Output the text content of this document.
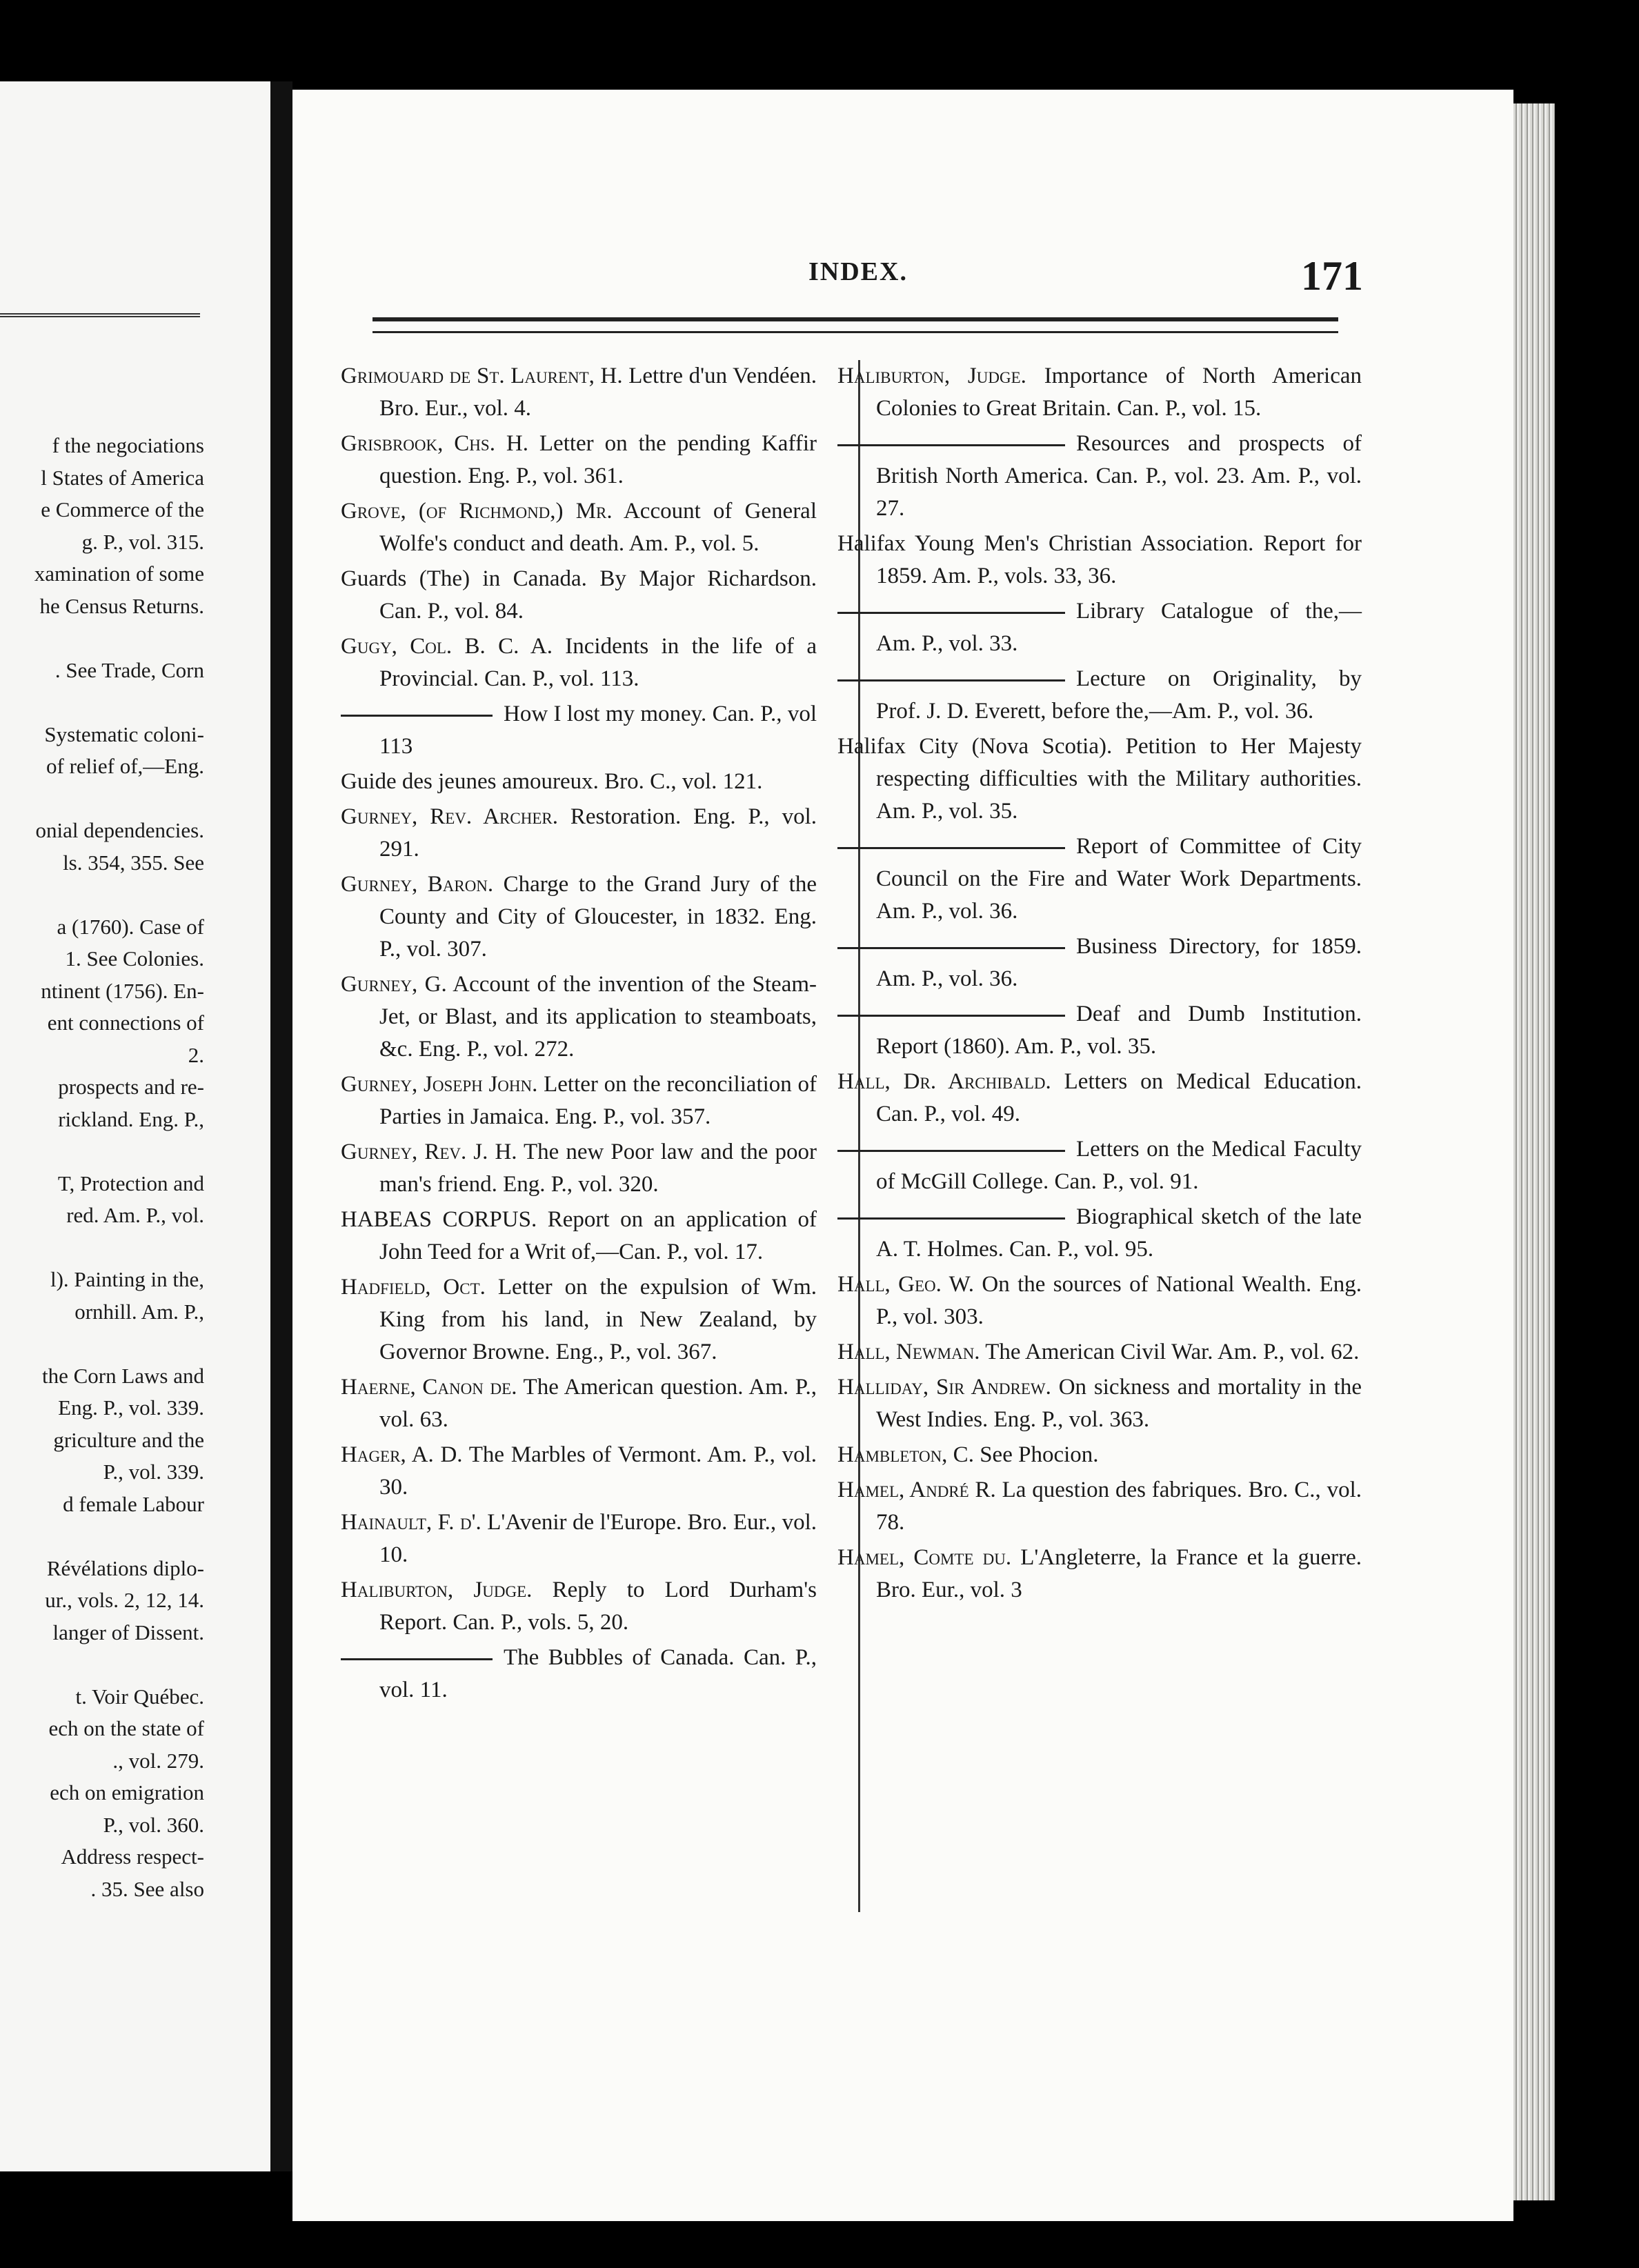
f the negociations
l States of America
e Commerce of the
g. P., vol. 315.
xamination of some
he Census Returns.
. See Trade, Corn
Systematic coloni-
of relief of,—Eng.
onial dependencies.
ls. 354, 355. See
a (1760). Case of
1. See Colonies.
ntinent (1756). En-
ent connections of
2.
prospects and re-
rickland. Eng. P.,
T, Protection and
red. Am. P., vol.
l). Painting in the,
ornhill. Am. P.,
the Corn Laws and
Eng. P., vol. 339.
griculture and the
P., vol. 339.
d female Labour
Révélations diplo-
ur., vols. 2, 12, 14.
langer of Dissent.
t. Voir Québec.
ech on the state of
., vol. 279.
ech on emigration
P., vol. 360.
Address respect-
. 35. See also
INDEX.	171
Grimouard de St. Laurent, H. Lettre d'un Vendéen. Bro. Eur., vol. 4.
Grisbrook, Chs. H. Letter on the pending Kaffir question. Eng. P., vol. 361.
Grove, (of Richmond,) Mr. Account of General Wolfe's conduct and death. Am. P., vol. 5.
Guards (The) in Canada. By Major Richardson. Can. P., vol. 84.
Gugy, Col. B. C. A. Incidents in the life of a Provincial. Can. P., vol. 113.
How I lost my money. Can. P., vol 113
Guide des jeunes amoureux. Bro. C., vol. 121.
Gurney, Rev. Archer. Restoration. Eng. P., vol. 291.
Gurney, Baron. Charge to the Grand Jury of the County and City of Gloucester, in 1832. Eng. P., vol. 307.
Gurney, G. Account of the invention of the Steam-Jet, or Blast, and its application to steamboats, &c. Eng. P., vol. 272.
Gurney, Joseph John. Letter on the reconciliation of Parties in Jamaica. Eng. P., vol. 357.
Gurney, Rev. J. H. The new Poor law and the poor man's friend. Eng. P., vol. 320.
HABEAS CORPUS. Report on an application of John Teed for a Writ of,—Can. P., vol. 17.
Hadfield, Oct. Letter on the expulsion of Wm. King from his land, in New Zealand, by Governor Browne. Eng., P., vol. 367.
Haerne, Canon de. The American question. Am. P., vol. 63.
Hager, A. D. The Marbles of Vermont. Am. P., vol. 30.
Hainault, F. d'. L'Avenir de l'Europe. Bro. Eur., vol. 10.
Haliburton, Judge. Reply to Lord Durham's Report. Can. P., vols. 5, 20.
The Bubbles of Canada. Can. P., vol. 11.
Haliburton, Judge. Importance of North American Colonies to Great Britain. Can. P., vol. 15.
Resources and prospects of British North America. Can. P., vol. 23. Am. P., vol. 27.
Halifax Young Men's Christian Association. Report for 1859. Am. P., vols. 33, 36.
Library Catalogue of the,—Am. P., vol. 33.
Lecture on Originality, by Prof. J. D. Everett, before the,—Am. P., vol. 36.
Halifax City (Nova Scotia). Petition to Her Majesty respecting difficulties with the Military authorities. Am. P., vol. 35.
Report of Committee of City Council on the Fire and Water Work Departments. Am. P., vol. 36.
Business Directory, for 1859. Am. P., vol. 36.
Deaf and Dumb Institution. Report (1860). Am. P., vol. 35.
Hall, Dr. Archibald. Letters on Medical Education. Can. P., vol. 49.
Letters on the Medical Faculty of McGill College. Can. P., vol. 91.
Biographical sketch of the late A. T. Holmes. Can. P., vol. 95.
Hall, Geo. W. On the sources of National Wealth. Eng. P., vol. 303.
Hall, Newman. The American Civil War. Am. P., vol. 62.
Halliday, Sir Andrew. On sickness and mortality in the West Indies. Eng. P., vol. 363.
Hambleton, C. See Phocion.
Hamel, André R. La question des fabriques. Bro. C., vol. 78.
Hamel, Comte du. L'Angleterre, la France et la guerre. Bro. Eur., vol. 3
